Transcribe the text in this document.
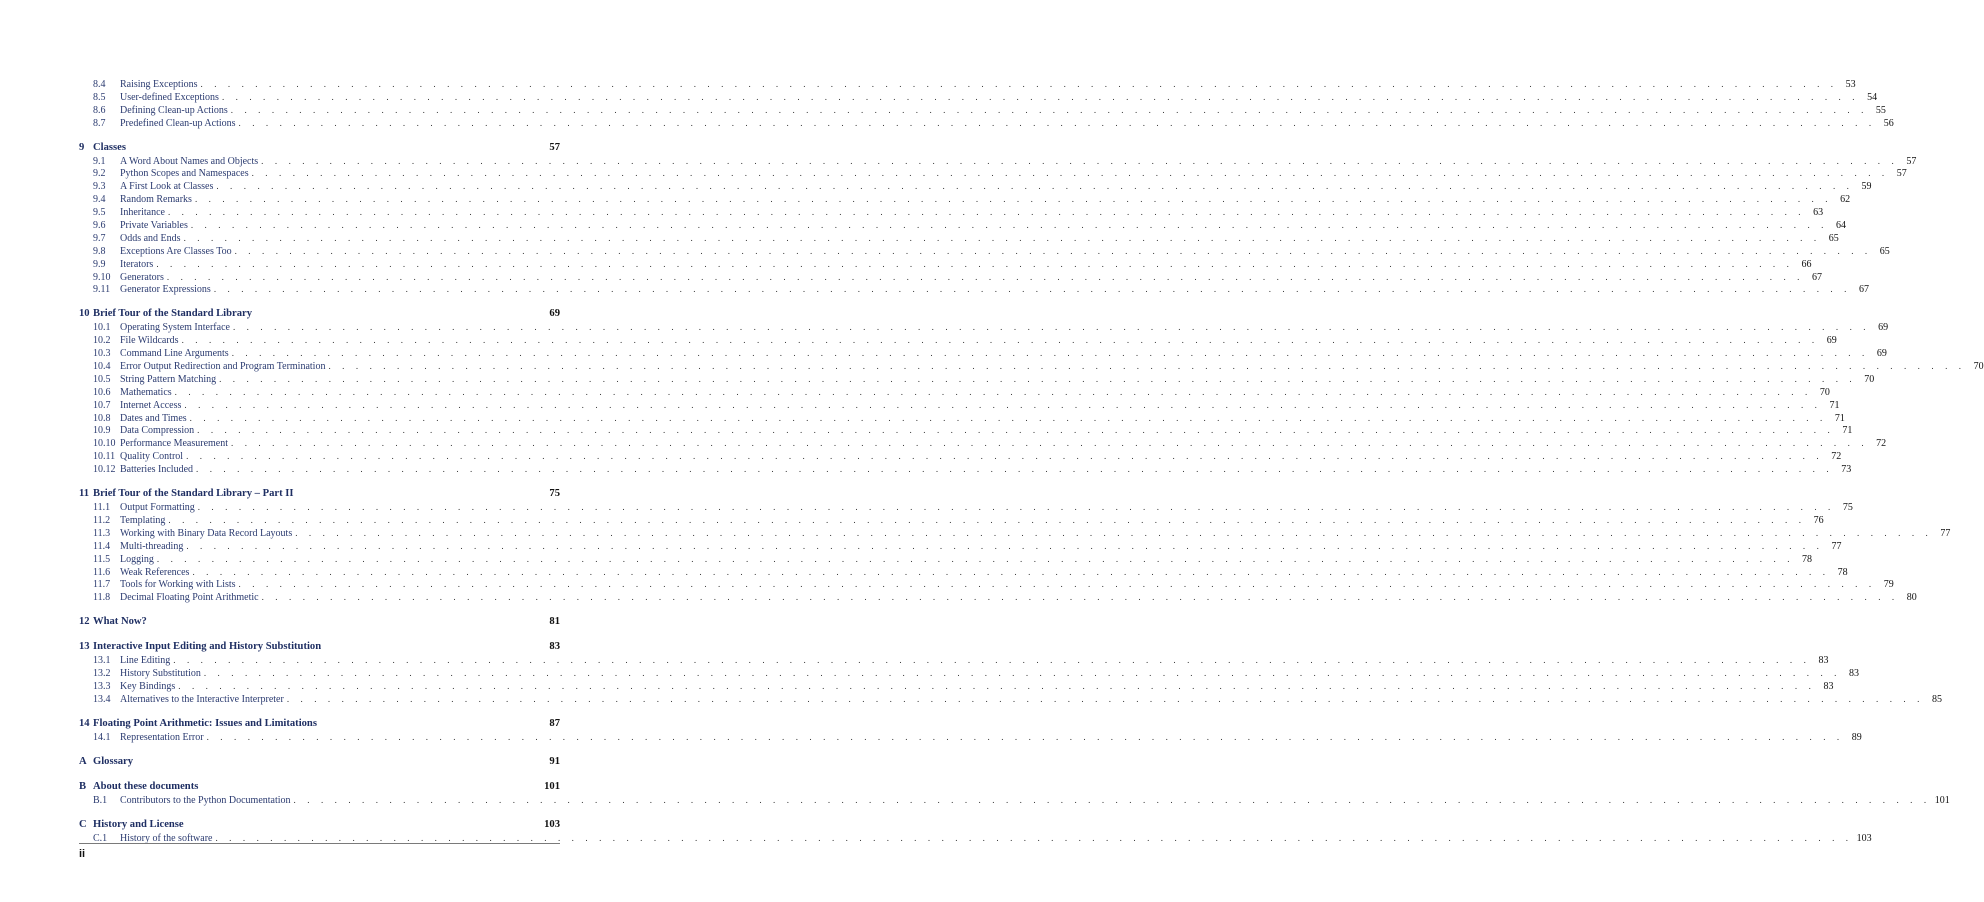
8.4	Raising Exceptions . . . . . . . . . . . . . . . . . . . . . . . . . . . . . . . . . . . . . . . . . . . . . . . . . . . . . . . . . . . . . . . . . . . . . . . . . . . . . . . . . . . . . . . . . . . . . . . . . . . . . . . . . . . . . . . . . . . . . . . . 53
8.5	User-defined Exceptions . . . . . . . . . . . . . . . . . . . . . . . . . . . . . . . . . . . . . . . . . . . . . . . . . . . . . . . . . . . . . . . . . . . . . . . . . . . . . . . . . . . . . . . . . . . . . . . . . . . . . . . . . . . . . . . . . . . . . . . . 54
8.6	Defining Clean-up Actions . . . . . . . . . . . . . . . . . . . . . . . . . . . . . . . . . . . . . . . . . . . . . . . . . . . . . . . . . . . . . . . . . . . . . . . . . . . . . . . . . . . . . . . . . . . . . . . . . . . . . . . . . . . . . . . . . . . . . . . . 55
8.7	Predefined Clean-up Actions . . . . . . . . . . . . . . . . . . . . . . . . . . . . . . . . . . . . . . . . . . . . . . . . . . . . . . . . . . . . . . . . . . . . . . . . . . . . . . . . . . . . . . . . . . . . . . . . . . . . . . . . . . . . . . . . . . . . . . . . 56
9 Classes	57
9.1	A Word About Names and Objects . . . . . . . . . . . . . . . . . . . . . . . . . . . . . . . . . . . . . . . . . . . . . . . . . . . . . . . . . . . . . . . . . . . . . . . . . . . . . . . . . . . . . . . . . . . . . . . . . . . . . . . . . . . . . . . . . . . . . . . . 57
9.2	Python Scopes and Namespaces . . . . . . . . . . . . . . . . . . . . . . . . . . . . . . . . . . . . . . . . . . . . . . . . . . . . . . . . . . . . . . . . . . . . . . . . . . . . . . . . . . . . . . . . . . . . . . . . . . . . . . . . . . . . . . . . . . . . . . . . 57
9.3	A First Look at Classes . . . . . . . . . . . . . . . . . . . . . . . . . . . . . . . . . . . . . . . . . . . . . . . . . . . . . . . . . . . . . . . . . . . . . . . . . . . . . . . . . . . . . . . . . . . . . . . . . . . . . . . . . . . . . . . . . . . . . . . . 59
9.4	Random Remarks . . . . . . . . . . . . . . . . . . . . . . . . . . . . . . . . . . . . . . . . . . . . . . . . . . . . . . . . . . . . . . . . . . . . . . . . . . . . . . . . . . . . . . . . . . . . . . . . . . . . . . . . . . . . . . . . . . . . . . . . 62
9.5	Inheritance . . . . . . . . . . . . . . . . . . . . . . . . . . . . . . . . . . . . . . . . . . . . . . . . . . . . . . . . . . . . . . . . . . . . . . . . . . . . . . . . . . . . . . . . . . . . . . . . . . . . . . . . . . . . . . . . . . . . . . . . 63
9.6	Private Variables . . . . . . . . . . . . . . . . . . . . . . . . . . . . . . . . . . . . . . . . . . . . . . . . . . . . . . . . . . . . . . . . . . . . . . . . . . . . . . . . . . . . . . . . . . . . . . . . . . . . . . . . . . . . . . . . . . . . . . . . 64
9.7	Odds and Ends . . . . . . . . . . . . . . . . . . . . . . . . . . . . . . . . . . . . . . . . . . . . . . . . . . . . . . . . . . . . . . . . . . . . . . . . . . . . . . . . . . . . . . . . . . . . . . . . . . . . . . . . . . . . . . . . . . . . . . . . 65
9.8	Exceptions Are Classes Too . . . . . . . . . . . . . . . . . . . . . . . . . . . . . . . . . . . . . . . . . . . . . . . . . . . . . . . . . . . . . . . . . . . . . . . . . . . . . . . . . . . . . . . . . . . . . . . . . . . . . . . . . . . . . . . . . . . . . . . . 65
9.9	Iterators . . . . . . . . . . . . . . . . . . . . . . . . . . . . . . . . . . . . . . . . . . . . . . . . . . . . . . . . . . . . . . . . . . . . . . . . . . . . . . . . . . . . . . . . . . . . . . . . . . . . . . . . . . . . . . . . . . . . . . . . 66
9.10 Generators . . . . . . . . . . . . . . . . . . . . . . . . . . . . . . . . . . . . . . . . . . . . . . . . . . . . . . . . . . . . . . . . . . . . . . . . . . . . . . . . . . . . . . . . . . . . . . . . . . . . . . . . . . . . . . . . . . . . . . . . 67
9.11 Generator Expressions . . . . . . . . . . . . . . . . . . . . . . . . . . . . . . . . . . . . . . . . . . . . . . . . . . . . . . . . . . . . . . . . . . . . . . . . . . . . . . . . . . . . . . . . . . . . . . . . . . . . . . . . . . . . . . . . . . . . . . . . 67
10 Brief Tour of the Standard Library	69
10.1 Operating System Interface . . . . . . . . . . . . . . . . . . . . . . . . . . . . . . . . . . . . . . . . . . . . . . . . . . . . . . . . . . . . . . . . . . . . . . . . . . . . . . . . . . . . . . . . . . . . . . . . . . . . . . . . . . . . . . . . . . . . . . . . 69
10.2 File Wildcards . . . . . . . . . . . . . . . . . . . . . . . . . . . . . . . . . . . . . . . . . . . . . . . . . . . . . . . . . . . . . . . . . . . . . . . . . . . . . . . . . . . . . . . . . . . . . . . . . . . . . . . . . . . . . . . . . . . . . . . . 69
10.3 Command Line Arguments . . . . . . . . . . . . . . . . . . . . . . . . . . . . . . . . . . . . . . . . . . . . . . . . . . . . . . . . . . . . . . . . . . . . . . . . . . . . . . . . . . . . . . . . . . . . . . . . . . . . . . . . . . . . . . . . . . . . . . . . 69
10.4 Error Output Redirection and Program Termination . . . . . . . . . . . . . . . . . . . . . . . . . . . . . . . . . . . . . . . . . . . . . . . . . . . . . . . . . . . . . . . . . . . . . . . . . . . . . . . . . . . . . . . . . . . . . . . . . . . . . . . . . . . . . . . . . . . . . . . . 70
10.5 String Pattern Matching . . . . . . . . . . . . . . . . . . . . . . . . . . . . . . . . . . . . . . . . . . . . . . . . . . . . . . . . . . . . . . . . . . . . . . . . . . . . . . . . . . . . . . . . . . . . . . . . . . . . . . . . . . . . . . . . . . . . . . . . 70
10.6 Mathematics . . . . . . . . . . . . . . . . . . . . . . . . . . . . . . . . . . . . . . . . . . . . . . . . . . . . . . . . . . . . . . . . . . . . . . . . . . . . . . . . . . . . . . . . . . . . . . . . . . . . . . . . . . . . . . . . . . . . . . . . 70
10.7 Internet Access . . . . . . . . . . . . . . . . . . . . . . . . . . . . . . . . . . . . . . . . . . . . . . . . . . . . . . . . . . . . . . . . . . . . . . . . . . . . . . . . . . . . . . . . . . . . . . . . . . . . . . . . . . . . . . . . . . . . . . . . 71
10.8 Dates and Times . . . . . . . . . . . . . . . . . . . . . . . . . . . . . . . . . . . . . . . . . . . . . . . . . . . . . . . . . . . . . . . . . . . . . . . . . . . . . . . . . . . . . . . . . . . . . . . . . . . . . . . . . . . . . . . . . . . . . . . . 71
10.9 Data Compression . . . . . . . . . . . . . . . . . . . . . . . . . . . . . . . . . . . . . . . . . . . . . . . . . . . . . . . . . . . . . . . . . . . . . . . . . . . . . . . . . . . . . . . . . . . . . . . . . . . . . . . . . . . . . . . . . . . . . . . . 71
10.10 Performance Measurement . . . . . . . . . . . . . . . . . . . . . . . . . . . . . . . . . . . . . . . . . . . . . . . . . . . . . . . . . . . . . . . . . . . . . . . . . . . . . . . . . . . . . . . . . . . . . . . . . . . . . . . . . . . . . . . . . . . . . . . . 72
10.11 Quality Control . . . . . . . . . . . . . . . . . . . . . . . . . . . . . . . . . . . . . . . . . . . . . . . . . . . . . . . . . . . . . . . . . . . . . . . . . . . . . . . . . . . . . . . . . . . . . . . . . . . . . . . . . . . . . . . . . . . . . . . . 72
10.12 Batteries Included . . . . . . . . . . . . . . . . . . . . . . . . . . . . . . . . . . . . . . . . . . . . . . . . . . . . . . . . . . . . . . . . . . . . . . . . . . . . . . . . . . . . . . . . . . . . . . . . . . . . . . . . . . . . . . . . . . . . . . . . 73
11 Brief Tour of the Standard Library – Part II	75
11.1 Output Formatting . . . . . . . . . . . . . . . . . . . . . . . . . . . . . . . . . . . . . . . . . . . . . . . . . . . . . . . . . . . . . . . . . . . . . . . . . . . . . . . . . . . . . . . . . . . . . . . . . . . . . . . . . . . . . . . . . . . . . . . . 75
11.2 Templating . . . . . . . . . . . . . . . . . . . . . . . . . . . . . . . . . . . . . . . . . . . . . . . . . . . . . . . . . . . . . . . . . . . . . . . . . . . . . . . . . . . . . . . . . . . . . . . . . . . . . . . . . . . . . . . . . . . . . . . . 76
11.3 Working with Binary Data Record Layouts . . . . . . . . . . . . . . . . . . . . . . . . . . . . . . . . . . . . . . . . . . . . . . . . . . . . . . . . . . . . . . . . . . . . . . . . . . . . . . . . . . . . . . . . . . . . . . . . . . . . . . . . . . . . . . . . . . . . . . . . 77
11.4 Multi-threading . . . . . . . . . . . . . . . . . . . . . . . . . . . . . . . . . . . . . . . . . . . . . . . . . . . . . . . . . . . . . . . . . . . . . . . . . . . . . . . . . . . . . . . . . . . . . . . . . . . . . . . . . . . . . . . . . . . . . . . . 77
11.5 Logging . . . . . . . . . . . . . . . . . . . . . . . . . . . . . . . . . . . . . . . . . . . . . . . . . . . . . . . . . . . . . . . . . . . . . . . . . . . . . . . . . . . . . . . . . . . . . . . . . . . . . . . . . . . . . . . . . . . . . . . . 78
11.6 Weak References . . . . . . . . . . . . . . . . . . . . . . . . . . . . . . . . . . . . . . . . . . . . . . . . . . . . . . . . . . . . . . . . . . . . . . . . . . . . . . . . . . . . . . . . . . . . . . . . . . . . . . . . . . . . . . . . . . . . . . . . 78
11.7 Tools for Working with Lists . . . . . . . . . . . . . . . . . . . . . . . . . . . . . . . . . . . . . . . . . . . . . . . . . . . . . . . . . . . . . . . . . . . . . . . . . . . . . . . . . . . . . . . . . . . . . . . . . . . . . . . . . . . . . . . . . . . . . . . . 79
11.8 Decimal Floating Point Arithmetic . . . . . . . . . . . . . . . . . . . . . . . . . . . . . . . . . . . . . . . . . . . . . . . . . . . . . . . . . . . . . . . . . . . . . . . . . . . . . . . . . . . . . . . . . . . . . . . . . . . . . . . . . . . . . . . . . . . . . . . . 80
12 What Now?	81
13 Interactive Input Editing and History Substitution	83
13.1 Line Editing . . . . . . . . . . . . . . . . . . . . . . . . . . . . . . . . . . . . . . . . . . . . . . . . . . . . . . . . . . . . . . . . . . . . . . . . . . . . . . . . . . . . . . . . . . . . . . . . . . . . . . . . . . . . . . . . . . . . . . . . 83
13.2 History Substitution . . . . . . . . . . . . . . . . . . . . . . . . . . . . . . . . . . . . . . . . . . . . . . . . . . . . . . . . . . . . . . . . . . . . . . . . . . . . . . . . . . . . . . . . . . . . . . . . . . . . . . . . . . . . . . . . . . . . . . . . 83
13.3 Key Bindings . . . . . . . . . . . . . . . . . . . . . . . . . . . . . . . . . . . . . . . . . . . . . . . . . . . . . . . . . . . . . . . . . . . . . . . . . . . . . . . . . . . . . . . . . . . . . . . . . . . . . . . . . . . . . . . . . . . . . . . . 83
13.4 Alternatives to the Interactive Interpreter . . . . . . . . . . . . . . . . . . . . . . . . . . . . . . . . . . . . . . . . . . . . . . . . . . . . . . . . . . . . . . . . . . . . . . . . . . . . . . . . . . . . . . . . . . . . . . . . . . . . . . . . . . . . . . . . . . . . . . . . 85
14 Floating Point Arithmetic: Issues and Limitations	87
14.1 Representation Error . . . . . . . . . . . . . . . . . . . . . . . . . . . . . . . . . . . . . . . . . . . . . . . . . . . . . . . . . . . . . . . . . . . . . . . . . . . . . . . . . . . . . . . . . . . . . . . . . . . . . . . . . . . . . . . . . . . . . . . . 89
A Glossary	91
B About these documents	101
B.1	Contributors to the Python Documentation . . . . . . . . . . . . . . . . . . . . . . . . . . . . . . . . . . . . . . . . . . . . . . . . . . . . . . . . . . . . . . . . . . . . . . . . . . . . . . . . . . . . . . . . . . . . . . . . . . . . . . . . . . . . . . . . . . . . . . . . 101
C History and License	103
C.1	History of the software . . . . . . . . . . . . . . . . . . . . . . . . . . . . . . . . . . . . . . . . . . . . . . . . . . . . . . . . . . . . . . . . . . . . . . . . . . . . . . . . . . . . . . . . . . . . . . . . . . . . . . . . . . . . . . . . . . . . . . . . 103
ii
